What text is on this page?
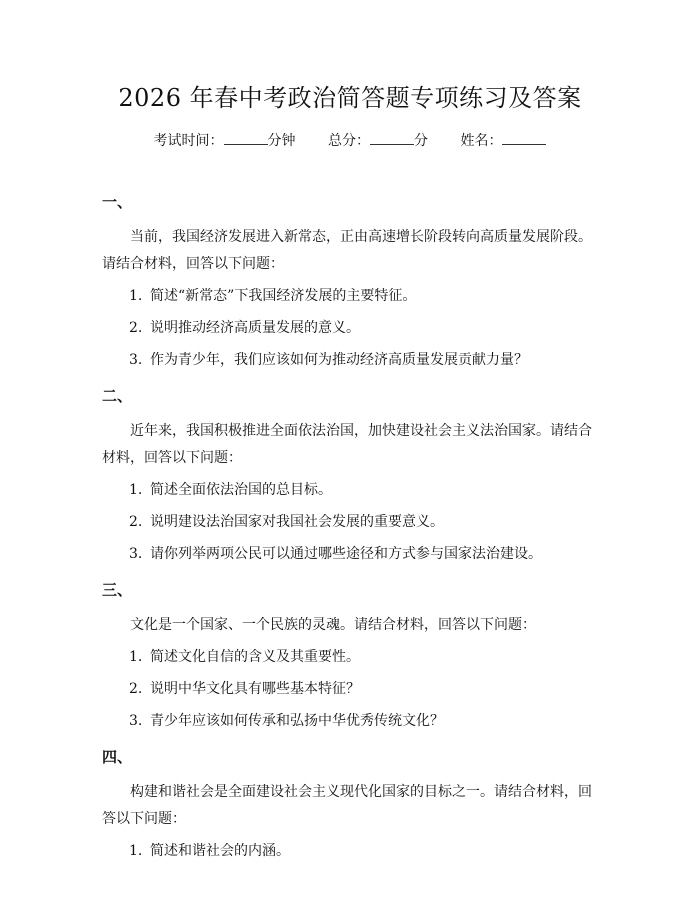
2026 年春中考政治简答题专项练习及答案
考试时间：	分钟 总分：	分 姓名：
一、

当前，我国经济发展进入新常态，正由高速增长阶段转向高质量发展阶段。请结合材料，回答以下问题：

1. 简述“新常态”下我国经济发展的主要特征。
2. 说明推动经济高质量发展的意义。
3. 作为青少年，我们应该如何为推动经济高质量发展贡献力量？
二、

近年来，我国积极推进全面依法治国，加快建设社会主义法治国家。请结合材料，回答以下问题：

1. 简述全面依法治国的总目标。
2. 说明建设法治国家对我国社会发展的重要意义。
3. 请你列举两项公民可以通过哪些途径和方式参与国家法治建设。
三、

文化是一个国家、一个民族的灵魂。请结合材料，回答以下问题：

1. 简述文化自信的含义及其重要性。
2. 说明中华文化具有哪些基本特征？
3. 青少年应该如何传承和弘扬中华优秀传统文化？
四、

构建和谐社会是全面建设社会主义现代化国家的目标之一。请结合材料，回答以下问题：

1. 简述和谐社会的内涵。
